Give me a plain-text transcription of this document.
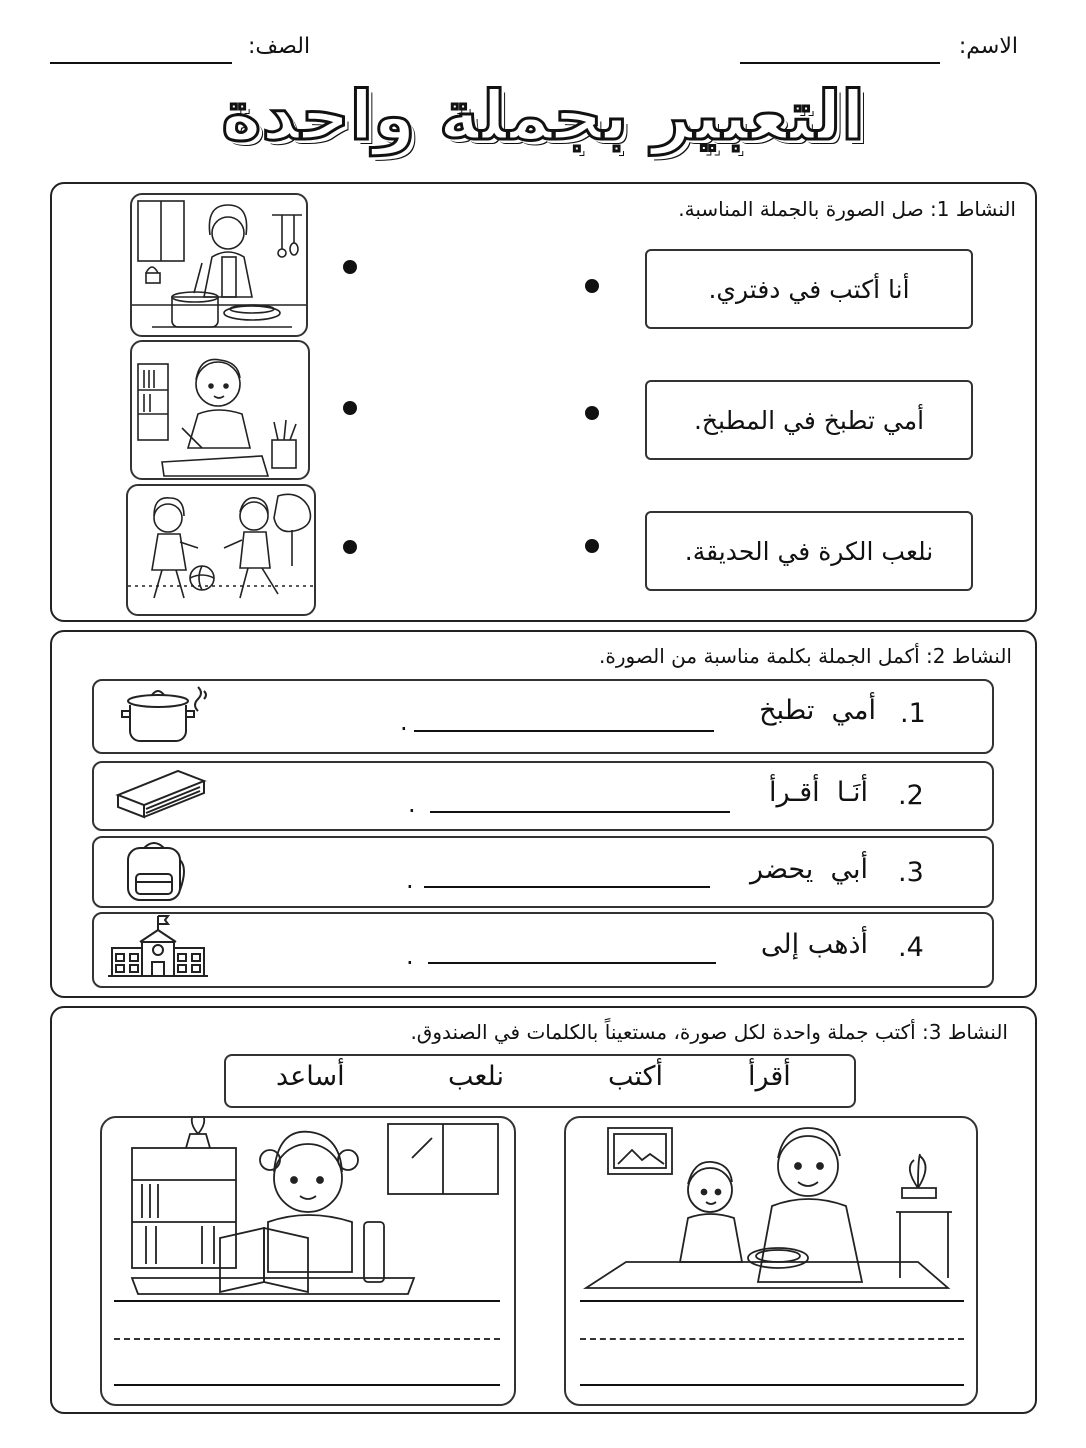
الاسم:
الصف:
التعبير بجملة واحدة
النشاط 1: صل الصورة بالجملة المناسبة.
أنا أكتب في دفتري.
أمي تطبخ في المطبخ.
نلعب الكرة في الحديقة.
النشاط 2: أكمل الجملة بكلمة مناسبة من الصورة.
1.
أمي  تطبخ
.
2.
أنَـا  أقـرأ
.
3.
أبي  يحضر
.
4.
أذهب إلى
.
النشاط 3: أكتب جملة واحدة لكل صورة، مستعيناً بالكلمات في الصندوق.
أقرأ
أكتب
نلعب
أساعد
